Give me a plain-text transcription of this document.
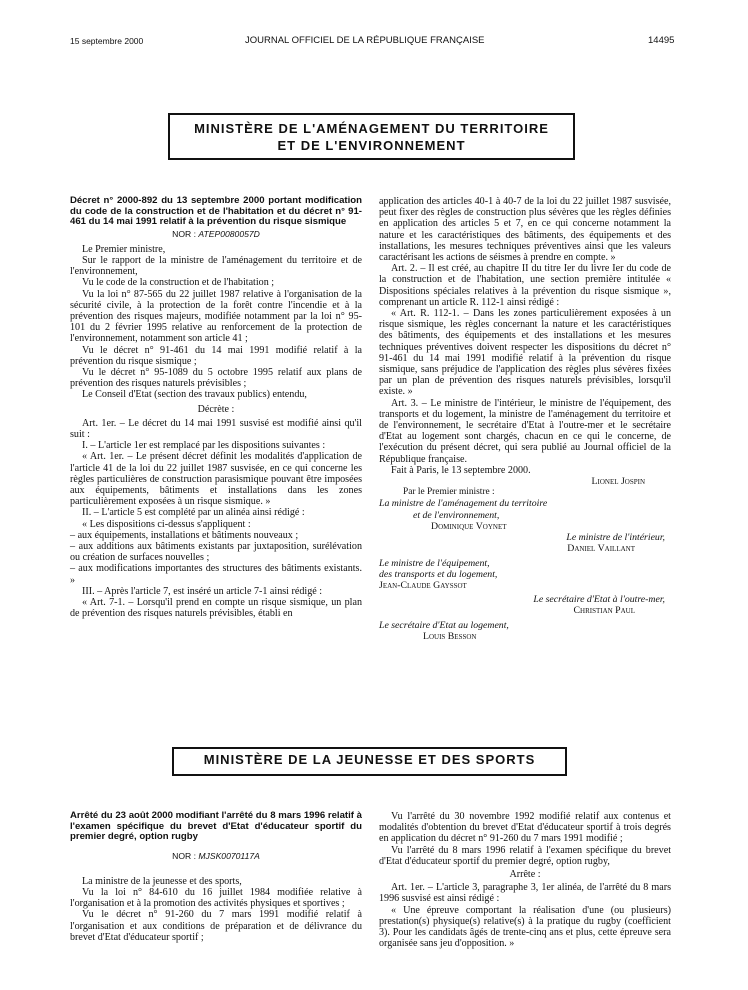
15 septembre 2000	JOURNAL OFFICIEL DE LA RÉPUBLIQUE FRANÇAISE	14495
MINISTÈRE DE L'AMÉNAGEMENT DU TERRITOIRE
ET DE L'ENVIRONNEMENT

Décret n° 2000-892 du 13 septembre 2000 portant modification du code de la construction et de l'habitation et du décret n° 91-461 du 14 mai 1991 relatif à la prévention du risque sismique

NOR : ATEP0080057D

Le Premier ministre,

Sur le rapport de la ministre de l'aménagement du territoire et de l'environnement,

Vu le code de la construction et de l'habitation ;

Vu la loi n° 87-565 du 22 juillet 1987 relative à l'organisation de la sécurité civile, à la protection de la forêt contre l'incendie et à la prévention des risques majeurs, modifiée notamment par la loi n° 95-101 du 2 février 1995 relative au renforcement de la protection de l'environnement, notamment son article 41 ;

Vu le décret n° 91-461 du 14 mai 1991 modifié relatif à la prévention du risque sismique ;

Vu le décret n° 95-1089 du 5 octobre 1995 relatif aux plans de prévention des risques naturels prévisibles ;

Le Conseil d'Etat (section des travaux publics) entendu,

Décrète :

Art. 1er. – Le décret du 14 mai 1991 susvisé est modifié ainsi qu'il suit :

I. – L'article 1er est remplacé par les dispositions suivantes :

« Art. 1er. – Le présent décret définit les modalités d'application de l'article 41 de la loi du 22 juillet 1987 susvisée, en ce qui concerne les règles particulières de construction parasismique pouvant être imposées aux équipements, bâtiments et installations dans les zones particulièrement exposées à un risque sismique. »

II. – L'article 5 est complété par un alinéa ainsi rédigé :

« Les dispositions ci-dessus s'appliquent :

– aux équipements, installations et bâtiments nouveaux ;

– aux additions aux bâtiments existants par juxtaposition, surélévation ou création de surfaces nouvelles ;

– aux modifications importantes des structures des bâtiments existants. »

III. – Après l'article 7, est inséré un article 7-1 ainsi rédigé :

« Art. 7-1. – Lorsqu'il prend en compte un risque sismique, un plan de prévention des risques naturels prévisibles, établi en

application des articles 40-1 à 40-7 de la loi du 22 juillet 1987 susvisée, peut fixer des règles de construction plus sévères que les règles définies en application des articles 5 et 7, en ce qui concerne notamment la nature et les caractéristiques des bâtiments, des équipements et des installations, les mesures techniques préventives ainsi que les valeurs caractérisant les actions de séismes à prendre en compte. »

Art. 2. – Il est créé, au chapitre II du titre Ier du livre Ier du code de la construction et de l'habitation, une section première intitulée « Dispositions spéciales relatives à la prévention du risque sismique », comprenant un article R. 112-1 ainsi rédigé :

« Art. R. 112-1. – Dans les zones particulièrement exposées à un risque sismique, les règles concernant la nature et les caractéristiques des bâtiments, des équipements et des installations et les mesures techniques préventives doivent respecter les dispositions du décret n° 91-461 du 14 mai 1991 modifié relatif à la prévention du risque sismique, sans préjudice de l'application des règles plus sévères fixées par un plan de prévention des risques naturels prévisibles, lorsqu'il existe. »

Art. 3. – Le ministre de l'intérieur, le ministre de l'équipement, des transports et du logement, la ministre de l'aménagement du territoire et de l'environnement, le secrétaire d'Etat à l'outre-mer et le secrétaire d'Etat au logement sont chargés, chacun en ce qui le concerne, de l'exécution du présent décret, qui sera publié au Journal officiel de la République française.

Fait à Paris, le 13 septembre 2000.

Lionel Jospin
Par le Premier ministre :
La ministre de l'aménagement du territoire
et de l'environnement,
Dominique Voynet
Le ministre de l'intérieur,
Daniel Vaillant
Le ministre de l'équipement,
des transports et du logement,
Jean-Claude Gayssot
Le secrétaire d'Etat à l'outre-mer,
Christian Paul
Le secrétaire d'Etat au logement,
Louis Besson
MINISTÈRE DE LA JEUNESSE ET DES SPORTS

Arrêté du 23 août 2000 modifiant l'arrêté du 8 mars 1996 relatif à l'examen spécifique du brevet d'Etat d'éducateur sportif du premier degré, option rugby

NOR : MJSK0070117A

La ministre de la jeunesse et des sports,

Vu la loi n° 84-610 du 16 juillet 1984 modifiée relative à l'organisation et à la promotion des activités physiques et sportives ;

Vu le décret n° 91-260 du 7 mars 1991 modifié relatif à l'organisation et aux conditions de préparation et de délivrance du brevet d'Etat d'éducateur sportif ;

Vu l'arrêté du 30 novembre 1992 modifié relatif aux contenus et modalités d'obtention du brevet d'Etat d'éducateur sportif à trois degrés en application du décret n° 91-260 du 7 mars 1991 modifié ;

Vu l'arrêté du 8 mars 1996 relatif à l'examen spécifique du brevet d'Etat d'éducateur sportif du premier degré, option rugby,

Arrête :

Art. 1er. – L'article 3, paragraphe 3, 1er alinéa, de l'arrêté du 8 mars 1996 susvisé est ainsi rédigé :

« Une épreuve comportant la réalisation d'une (ou plusieurs) prestation(s) physique(s) relative(s) à la pratique du rugby (coefficient 3). Pour les candidats âgés de trente-cinq ans et plus, cette épreuve sera organisée sans jeu d'opposition. »
